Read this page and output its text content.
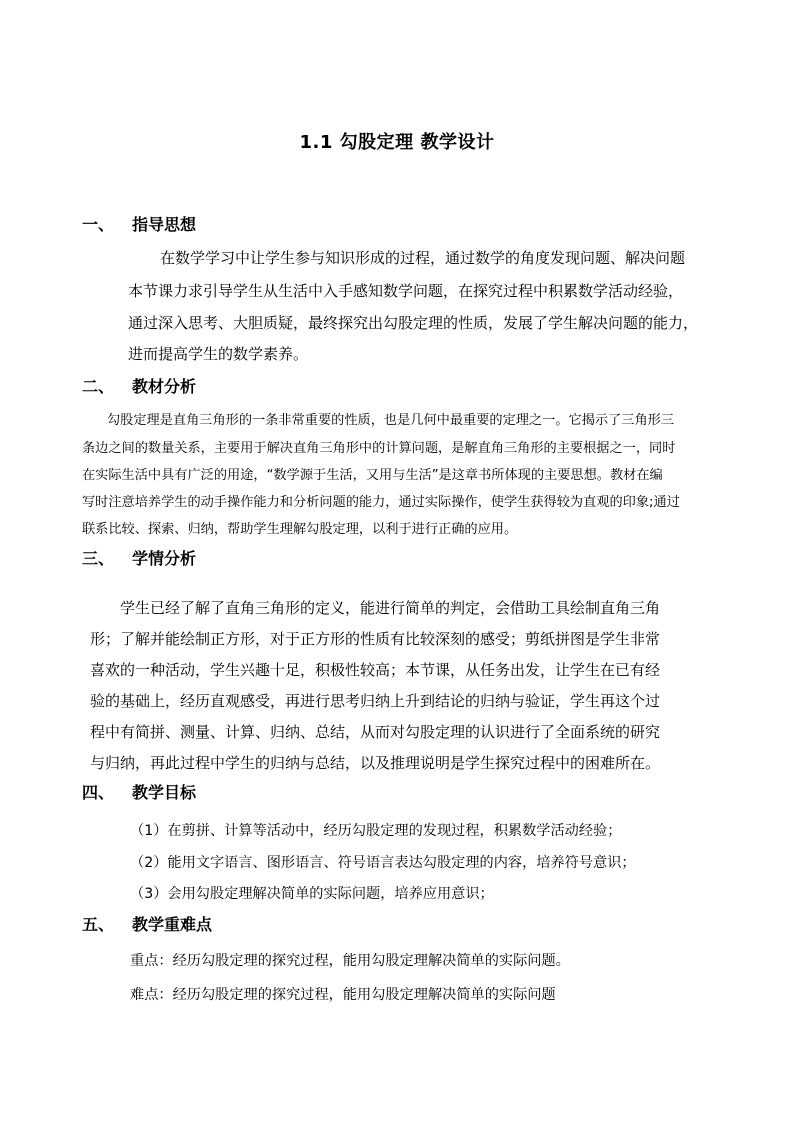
1.1 勾股定理 教学设计
一、	指导思想
在数学学习中让学生参与知识形成的过程，通过数学的角度发现问题、解决问题
本节课力求引导学生从生活中入手感知数学问题，在探究过程中积累数学活动经验，
通过深入思考、大胆质疑，最终探究出勾股定理的性质，发展了学生解决问题的能力，
进而提高学生的数学素养。
二、	教材分析
勾股定理是直角三角形的一条非常重要的性质，也是几何中最重要的定理之一。它揭示了三角形三
条边之间的数量关系，主要用于解决直角三角形中的计算问题，是解直角三角形的主要根据之一，同时
在实际生活中具有广泛的用途，“数学源于生活，又用与生活”是这章书所体现的主要思想。教材在编
写时注意培养学生的动手操作能力和分析问题的能力，通过实际操作，使学生获得较为直观的印象;通过
联系比较、探索、归纳，帮助学生理解勾股定理，以利于进行正确的应用。
三、	学情分析
学生已经了解了直角三角形的定义，能进行简单的判定，会借助工具绘制直角三角
形；了解并能绘制正方形，对于正方形的性质有比较深刻的感受；剪纸拼图是学生非常
喜欢的一种活动，学生兴趣十足，积极性较高；本节课，从任务出发，让学生在已有经
验的基础上，经历直观感受，再进行思考归纳上升到结论的归纳与验证，学生再这个过
程中有简拼、测量、计算、归纳、总结，从而对勾股定理的认识进行了全面系统的研究
与归纳，再此过程中学生的归纳与总结，以及推理说明是学生探究过程中的困难所在。
四、	教学目标
（1）在剪拼、计算等活动中，经历勾股定理的发现过程，积累数学活动经验；
（2）能用文字语言、图形语言、符号语言表达勾股定理的内容，培养符号意识；
（3）会用勾股定理解决简单的实际问题，培养应用意识；
五、	教学重难点
重点：经历勾股定理的探究过程，能用勾股定理解决简单的实际问题。
难点：经历勾股定理的探究过程，能用勾股定理解决简单的实际问题
